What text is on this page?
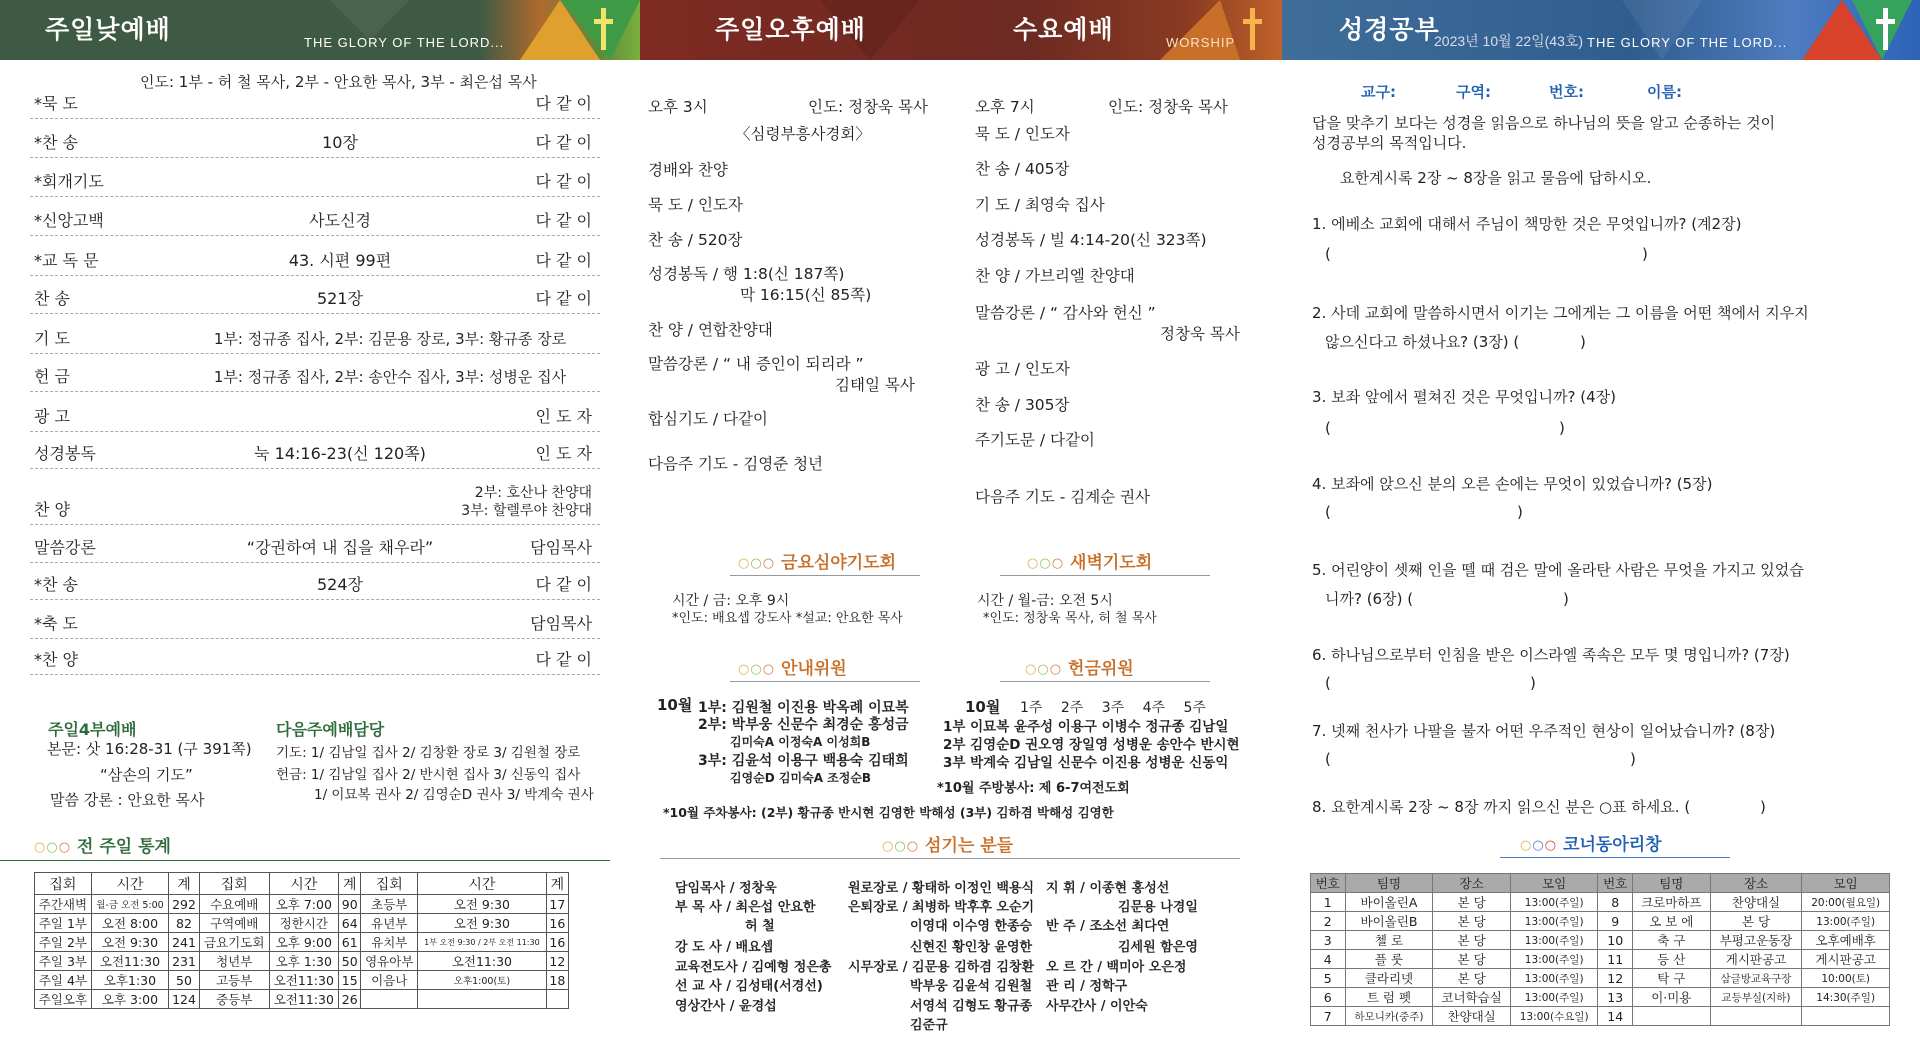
주일낮예배	THE GLORY OF THE LORD...	주일오후예배	수요예배	WORSHIP	성경공부
2023년 10월 22일(43호) THE GLORY OF THE LORD...
인도: 1부 - 허 철 목사, 2부 - 안요한 목사, 3부 - 최은섭 목사
*묵 도	다 같 이
*찬 송	10장	다 같 이
*회개기도	다 같 이
*신앙고백	사도신경	다 같 이
*교 독 문	43. 시편 99편	다 같 이
찬 송	521장	다 같 이
기 도	1부: 정규종 집사, 2부: 김문용 장로, 3부: 황규종 장로
헌 금	1부: 정규종 집사, 2부: 송안수 집사, 3부: 성병운 집사
광 고	인 도 자
성경봉독	눅 14:16-23(신 120쪽)	인 도 자
찬 양
2부: 호산나 찬양대
3부: 할렐루야 찬양대
말씀강론	“강권하여 내 집을 채우라”	담임목사
*찬 송	524장	다 같 이
*축 도	담임목사
*찬 양	다 같 이
주일4부예배
본문: 삿 16:28-31 (구 391쪽)
“삼손의 기도”
말씀 강론 : 안요한 목사
다음주예배담당
기도: 1/ 김남일 집사 2/ 김창환 장로 3/ 김원철 장로
헌금: 1/ 김남일 집사 2/ 반시현 집사 3/ 신동익 집사
1/ 이묘복 권사 2/ 김영순D 권사 3/ 박계숙 권사
○○○ 전 주일 통계
집회	시간	계	집회	시간	계	집회	시간	계
주간새벽	월-금 오전 5:00	292	수요예배	오후 7:00	90	초등부	오전 9:30	17
주일 1부	오전 8:00	82	구역예배	정한시간	64	유년부	오전 9:30	16
주일 2부	오전 9:30	241	금요기도회	오후 9:00	61	유치부	1부 오전 9:30 / 2부 오전 11:30	16
주일 3부	오전11:30	231	청년부	오후 1:30	50	영유아부	오전11:30	12
주일 4부	오후1:30	50	고등부	오전11:30	15	이음나	오후1:00(토)	18
주일오후	오후 3:00	124	중등부	오전11:30	26			
오후 3시	인도: 정창욱 목사
〈심령부흥사경회〉
경배와 찬양
묵 도 / 인도자
찬 송 / 520장
성경봉독 / 행 1:8(신 187쪽)
막 16:15(신 85쪽)
찬 양 / 연합찬양대
말씀강론 / “ 내 증인이 되리라 ”
김태일 목사
합심기도 / 다같이
다음주 기도 - 김영준 청년
오후 7시	인도: 정창욱 목사
묵 도 / 인도자
찬 송 / 405장
기 도 / 최영숙 집사
성경봉독 / 빌 4:14-20(신 323쪽)
찬 양 / 가브리엘 찬양대
말씀강론 / “ 감사와 헌신 ”
정창욱 목사
광 고 / 인도자
찬 송 / 305장
주기도문 / 다같이
다음주 기도 - 김계순 권사
○○○ 금요심야기도회
시간 / 금: 오후 9시
*인도: 배요셉 강도사 *설교: 안요한 목사
○○○ 새벽기도회
시간 / 월-금: 오전 5시
*인도: 정창욱 목사, 허 철 목사
○○○ 안내위원
10월 1부: 김원철 이진용 박옥례 이묘복
2부: 박부웅 신문수 최경순 홍성금
김미숙A 이정숙A 이성희B
3부: 김윤석 이용구 백용숙 김태희
김영순D 김미숙A 조정순B
○○○ 헌금위원
10월 1주 2주 3주 4주 5주
1부 이묘복 윤주성 이용구 이병수 정규종 김남일
2부 김영순D 권오영 장일영 성병운 송안수 반시현
3부 박계숙 김남일 신문수 이진용 성병운 신동익
*10월 주방봉사: 제 6-7여전도회
*10월 주차봉사: (2부) 황규종 반시현 김영한 박해성 (3부) 김하겸 박해성 김영한
○○○ 섬기는 분들
담임목사 / 정창욱
부 목 사 / 최은섭 안요한
허 철
강 도 사 / 배요셉
교육전도사 / 김예형 정은총
선 교 사 / 김성태(서경선)
영상간사 / 윤경섭
원로장로 / 황태하 이정인 백용식
은퇴장로 / 최병하 박후후 오순기
이영대 이수영 한종승
신현진 황인창 윤영한
시무장로 / 김문용 김하겸 김창환
박부웅 김윤석 김원철
서영석 김형도 황규종
김준규
지 휘 / 이종현 홍성선
김문용 나경일
반 주 / 조소선 최다연
김세원 함은영
오 르 간 / 백미아 오은정
관 리 / 정학구
사무간사 / 이안숙
교구:	구역:	번호:	이름:
답을 맞추기 보다는 성경을 읽음으로 하나님의 뜻을 알고 순종하는 것이
성경공부의 목적입니다.
요한계시록 2장 ~ 8장을 읽고 물음에 답하시오.
1. 에베소 교회에 대해서 주님이 책망한 것은 무엇입니까? (계2장)
(	)
2. 사데 교회에 말씀하시면서 이기는 그에게는 그 이름을 어떤 책에서 지우지
않으신다고 하셨나요? (3장) (	)
3. 보좌 앞에서 펼쳐진 것은 무엇입니까? (4장)
(	)
4. 보좌에 앉으신 분의 오른 손에는 무엇이 있었습니까? (5장)
(	)
5. 어린양이 셋째 인을 뗄 때 검은 말에 올라탄 사람은 무엇을 가지고 있었습
니까? (6장) (	)
6. 하나님으로부터 인침을 받은 이스라엘 족속은 모두 몇 명입니까? (7장)
(	)
7. 넷째 천사가 나팔을 불자 어떤 우주적인 현상이 일어났습니까? (8장)
(	)
8. 요한계시록 2장 ~ 8장 까지 읽으신 분은 ○표 하세요. (	)
○○○ 코너동아리창
번호	팀명	장소	모임	번호	팀명	장소	모임
1	바이올린A	본 당	13:00(주일)	8	크로마하프	찬양대실	20:00(월요일)
2	바이올린B	본 당	13:00(주일)	9	오 보 에	본 당	13:00(주일)
3	첼 로	본 당	13:00(주일)	10	축 구	부평고운동장	오후예배후
4	플 룻	본 당	13:00(주일)	11	등 산	게시판공고	게시판공고
5	클라리넷	본 당	13:00(주일)	12	탁 구	삼글방교육구장	10:00(토)
6	트 럼 펫	코너학습실	13:00(주일)	13	이·미용	교등부실(지하)	14:30(주일)
7	하모니카(중주)	찬양대실	13:00(수요일)	14			
